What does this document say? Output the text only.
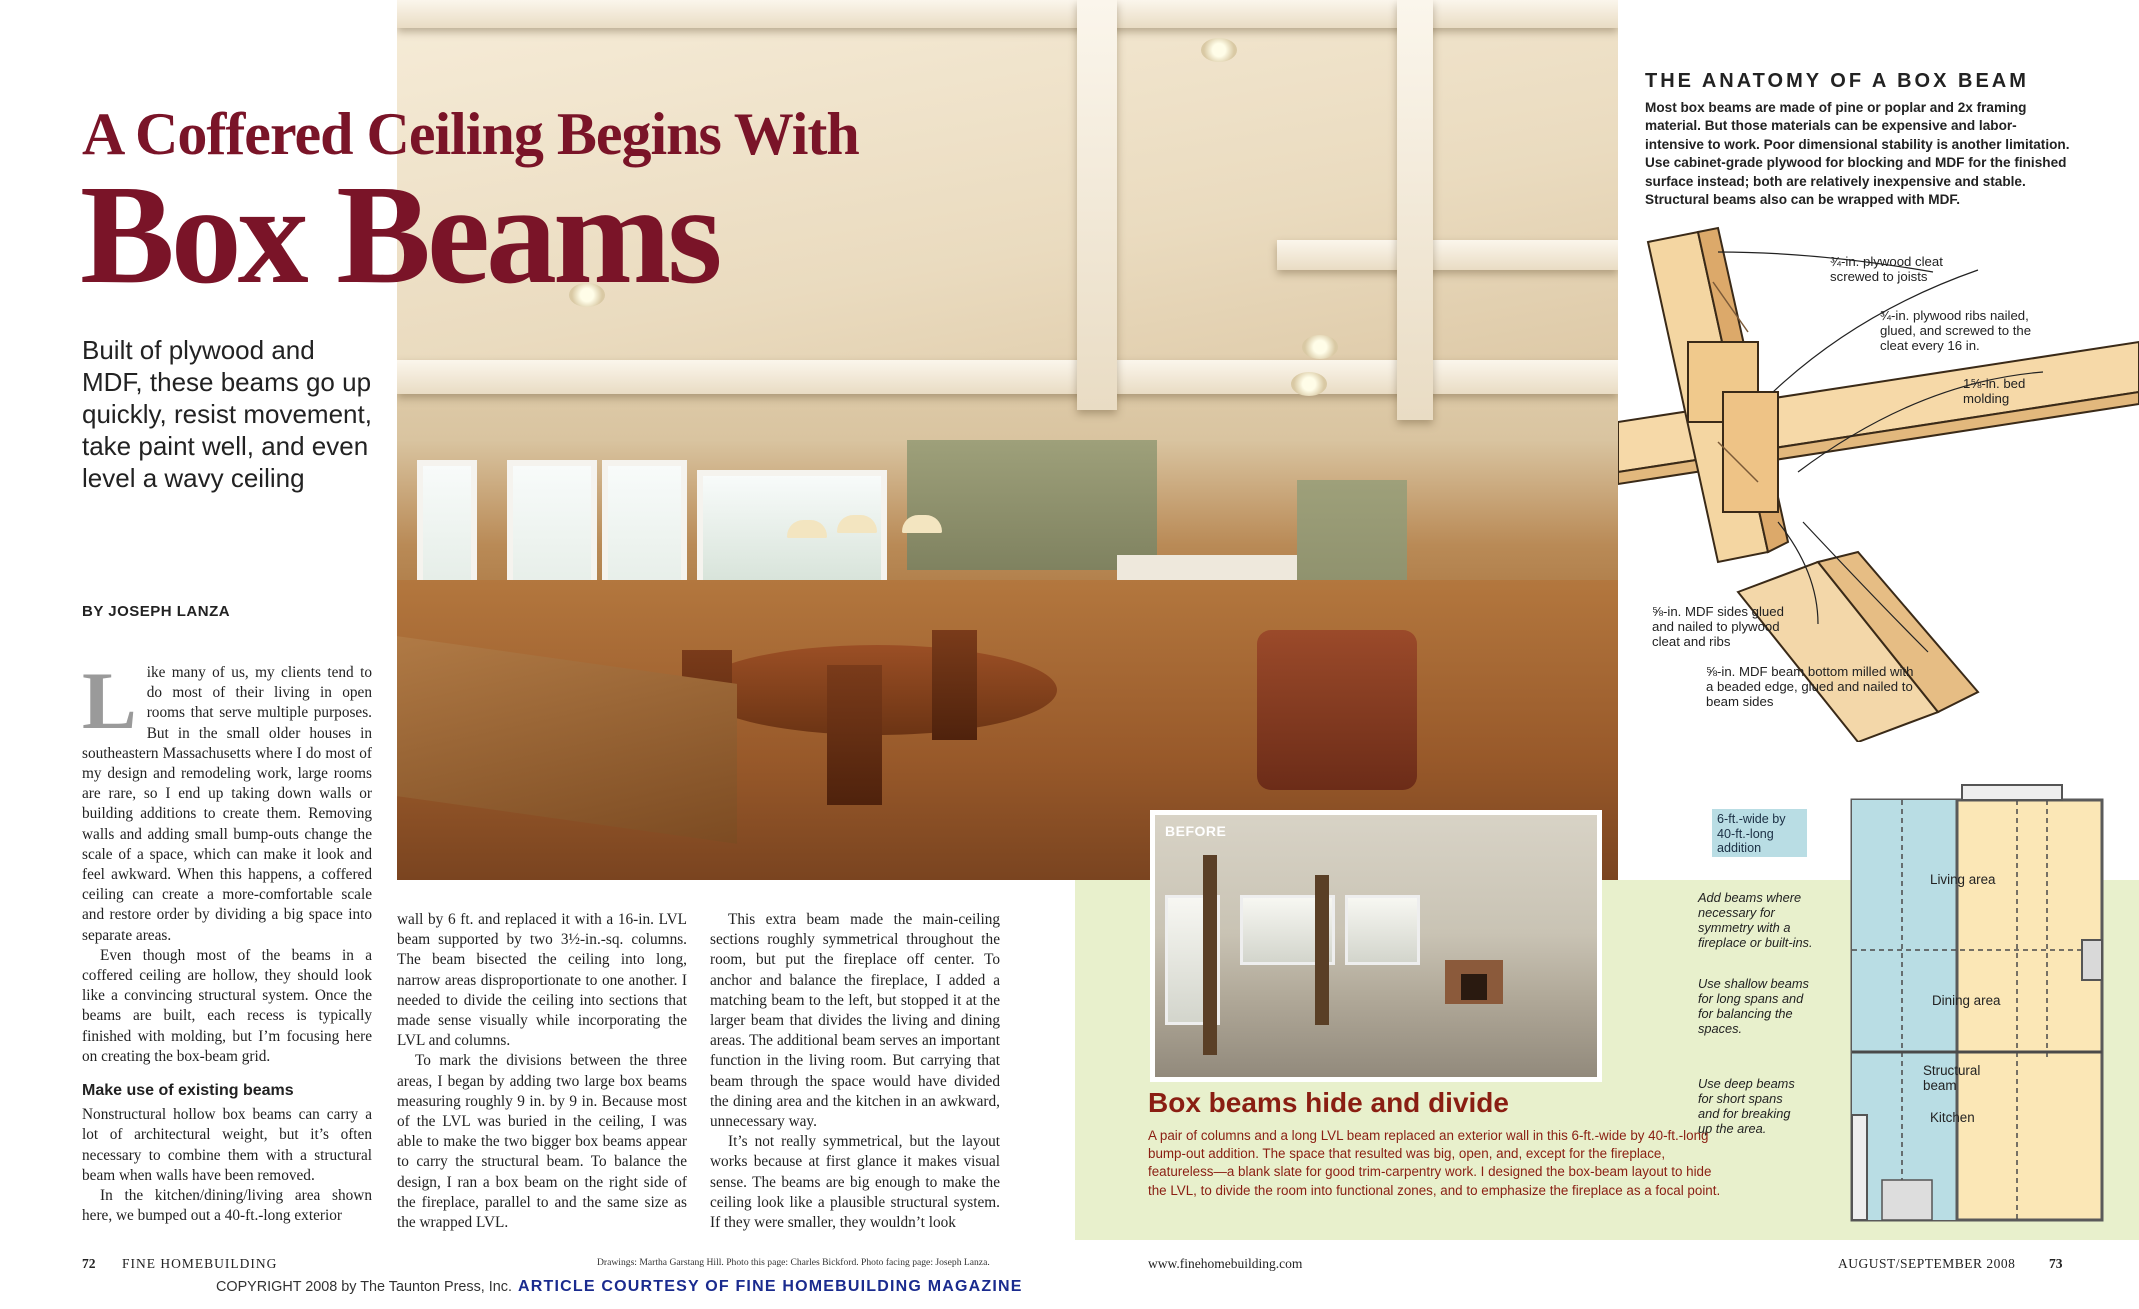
A Coffered Ceiling Begins With
Box Beams
Built of plywood and MDF, these beams go up quickly, resist movement, take paint well, and even level a wavy ceiling
BY JOSEPH LANZA

Like many of us, my clients tend to do most of their living in open rooms that serve multiple purposes. But in the small older houses in southeastern Massachusetts where I do most of my design and remodeling work, large rooms are rare, so I end up taking down walls or building additions to create them. Removing walls and adding small bump-outs change the scale of a space, which can make it look and feel awkward. When this happens, a coffered ceiling can create a more-comfortable scale and restore order by dividing a big space into separate areas.

Even though most of the beams in a coffered ceiling are hollow, they should look like a convincing structural system. Once the beams are built, each recess is typically finished with molding, but I’m focusing here on creating the box-beam grid.

Make use of existing beams

Nonstructural hollow box beams can carry a lot of architectural weight, but it’s often necessary to combine them with a structural beam when walls have been removed.

In the kitchen/dining/living area shown here, we bumped out a 40-ft.-long exterior

wall by 6 ft. and replaced it with a 16-in. LVL beam supported by two 3½-in.-sq. columns. The beam bisected the ceiling into long, narrow areas disproportionate to one another. I needed to divide the ceiling into sections that made sense visually while incorporating the LVL and columns.

To mark the divisions between the three areas, I began by adding two large box beams measuring roughly 9 in. by 9 in. Because most of the LVL was buried in the ceiling, I was able to make the two bigger box beams appear to carry the structural beam. To balance the design, I ran a box beam on the right side of the fireplace, parallel to and the same size as the wrapped LVL.

This extra beam made the main-ceiling sections roughly symmetrical throughout the room, but put the fireplace off center. To anchor and balance the fireplace, I added a matching beam to the left, but stopped it at the larger beam that divides the living and dining areas. The additional beam serves an important function in the living room. But carrying that beam through the space would have divided the dining area and the kitchen in an awkward, unnecessary way.

It’s not really symmetrical, but the layout works because at first glance it makes visual sense. The beams are big enough to make the ceiling look like a plausible structural system. If they were smaller, they wouldn’t look

THE ANATOMY OF A BOX BEAM
Most box beams are made of pine or poplar and 2x framing material. But those materials can be expensive and labor-intensive to work. Poor dimensional stability is another limitation. Use cabinet-grade plywood for blocking and MDF for the finished surface instead; both are relatively inexpensive and stable. Structural beams also can be wrapped with MDF.
¾-in. plywood cleat screwed to joists
¾-in. plywood ribs nailed, glued, and screwed to the cleat every 16 in.
1⅝-in. bed molding
⅝-in. MDF sides glued and nailed to plywood cleat and ribs
⅝-in. MDF beam bottom milled with a beaded edge, glued and nailed to beam sides
BEFORE
Box beams hide and divide
A pair of columns and a long LVL beam replaced an exterior wall in this 6-ft.-wide by 40-ft.-long bump-out addition. The space that resulted was big, open, and, except for the fireplace, featureless—a blank slate for good trim-carpentry work. I designed the box-beam layout to hide the LVL, to divide the room into functional zones, and to emphasize the fireplace as a focal point.
6-ft.-wide by 40-ft.-long addition
Add beams where necessary for symmetry with a fireplace or built-ins.
Use shallow beams for long spans and for balancing the spaces.
Use deep beams for short spans and for breaking up the area.
Living area
Dining area
Structural beam
Kitchen
72 FINE HOMEBUILDING	Drawings: Martha Garstang Hill. Photo this page: Charles Bickford. Photo facing page: Joseph Lanza.	www.finehomebuilding.com	AUGUST/SEPTEMBER 2008 73
COPYRIGHT 2008 by The Taunton Press, Inc. ARTICLE COURTESY OF FINE HOMEBUILDING MAGAZINE
